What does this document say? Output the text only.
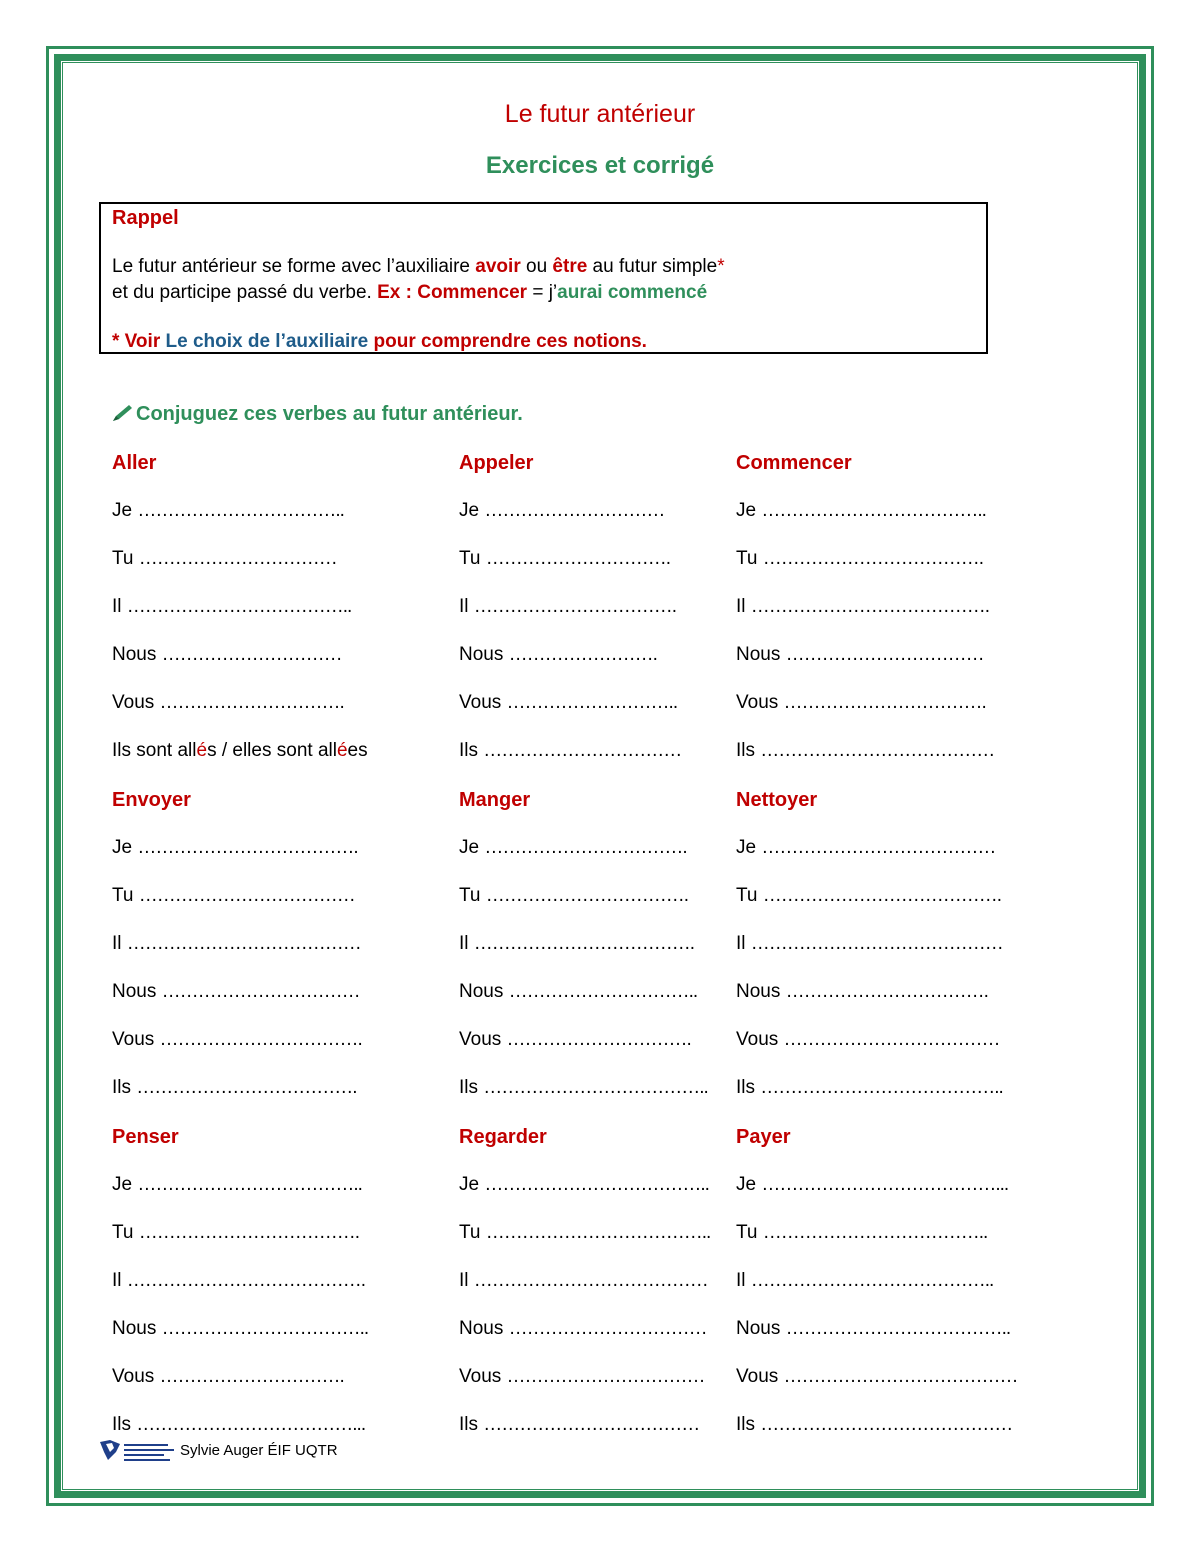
Le futur antérieur
Exercices et corrigé
Rappel
Le futur antérieur se forme avec l’auxiliaire avoir ou être au futur simple*
et du participe passé du verbe. Ex : Commencer = j’aurai commencé
* Voir Le choix de l’auxiliaire pour comprendre ces notions.
Conjuguez ces verbes au futur antérieur.
Aller
Je ……………………………..
Tu ……………………………
Il ………………………………..
Nous …………………………
Vous ………………………….
Ils sont allés / elles sont allées
Appeler
Je …………………………
Tu ………………………….
Il …………………………….
Nous …………………….
Vous ………………………..
Ils ……………………………
Commencer
Je ………………………………..
Tu ……………………………….
Il ………………………………….
Nous ……………………………
Vous …………………………….
Ils …………………………………
Envoyer
Je ……………………………….
Tu ………………………………
Il …………………………………
Nous ……………………………
Vous …………………………….
Ils ……………………………….
Manger
Je …………………………….
Tu …………………………….
Il ……………………………….
Nous …………………………..
Vous ………………………….
Ils ………………………………..
Nettoyer
Je …………………………………
Tu ………………………………….
Il ……………………………………
Nous …………………………….
Vous ………………………………
Ils …………………………………..
Penser
Je ………………………………..
Tu ……………………………….
Il ………………………………….
Nous ……………………………..
Vous ………………………….
Ils ………………………………...
Regarder
Je ………………………………..
Tu ………………………………..
Il …………………………………
Nous ……………………………
Vous ……………………………
Ils ………………………………
Payer
Je …………………………………...
Tu ………………………………..
Il …………………………………..
Nous ………………………………..
Vous …………………………………
Ils ……………………………………
Sylvie Auger ÉIF UQTR
